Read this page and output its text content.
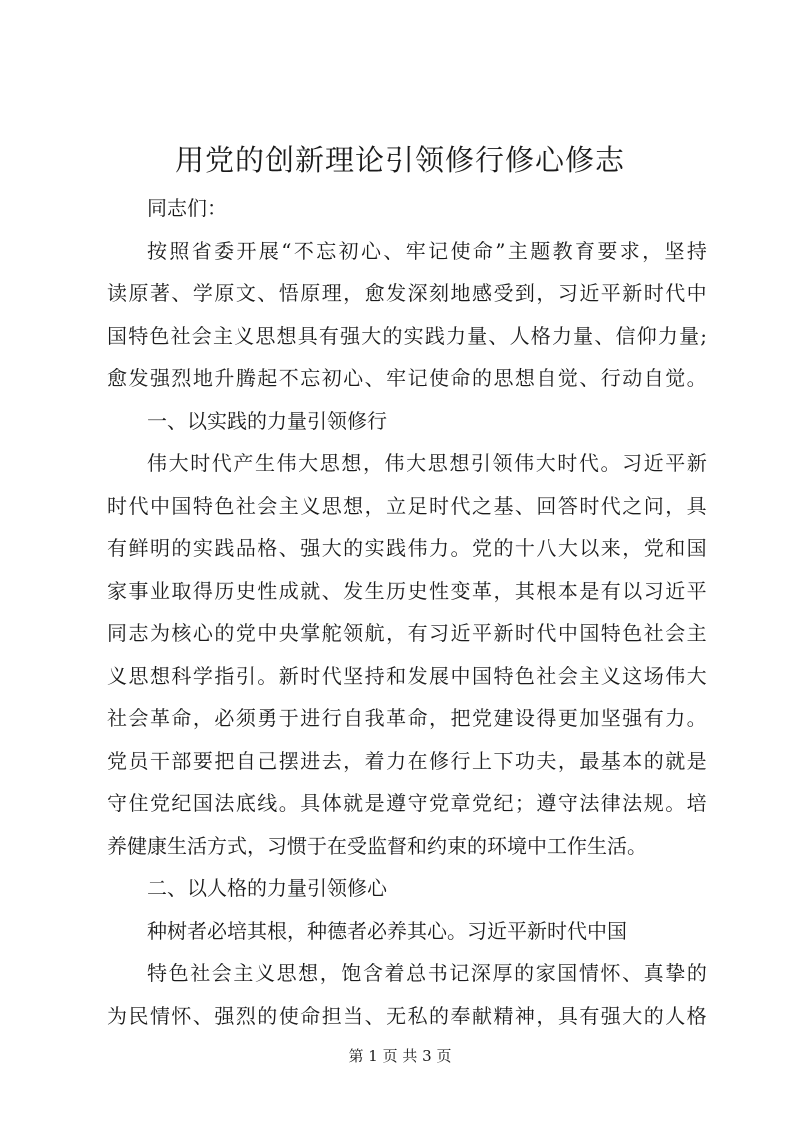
用党的创新理论引领修行修心修志
同志们：
按 照 省 委 开 展 “ 不 忘 初 心 、 牢 记 使 命 ” 主 题 教 育 要 求 ， 坚 持
读 原 著 、 学 原 文 、 悟 原 理 ， 愈 发 深 刻 地 感 受 到 ， 习 近 平 新 时 代 中
国 特 色 社 会 主 义 思 想 具 有 强 大 的 实 践 力 量 、 人 格 力 量 、 信 仰 力 量 ;
愈 发 强 烈 地 升 腾 起 不 忘 初 心 、 牢 记 使 命 的 思 想 自 觉 、 行 动 自 觉 。
一、以实践的力量引领修行
伟 大 时 代 产 生 伟 大 思 想 ， 伟 大 思 想 引 领 伟 大 时 代 。 习 近 平 新
时 代 中 国 特 色 社 会 主 义 思 想 ， 立 足 时 代 之 基 、 回 答 时 代 之 问 ， 具
有 鲜 明 的 实 践 品 格 、 强 大 的 实 践 伟 力 。 党 的 十 八 大 以 来 ， 党 和 国
家 事 业 取 得 历 史 性 成 就 、 发 生 历 史 性 变 革 ， 其 根 本 是 有 以 习 近 平
同 志 为 核 心 的 党 中 央 掌 舵 领 航 ， 有 习 近 平 新 时 代 中 国 特 色 社 会 主
义 思 想 科 学 指 引 。 新 时 代 坚 持 和 发 展 中 国 特 色 社 会 主 义 这 场 伟 大
社 会 革 命 ， 必 须 勇 于 进 行 自 我 革 命 ， 把 党 建 设 得 更 加 坚 强 有 力 。
党 员 干 部 要 把 自 己 摆 进 去 ， 着 力 在 修 行 上 下 功 夫 ， 最 基 本 的 就 是
守 住 党 纪 国 法 底 线 。 具 体 就 是 遵 守 党 章 党 纪 ； 遵 守 法 律 法 规 。 培
养健康生活方式，习惯于在受监督和约束的环境中工作生活。
二、以人格的力量引领修心
种树者必培其根，种德者必养其心。习近平新时代中国
特 色 社 会 主 义 思 想 ， 饱 含 着 总 书 记 深 厚 的 家 国 情 怀 、 真 挚 的
为 民 情 怀 、 强 烈 的 使 命 担 当 、 无 私 的 奉 献 精 神 ， 具 有 强 大 的 人 格
第 1 页 共 3 页
